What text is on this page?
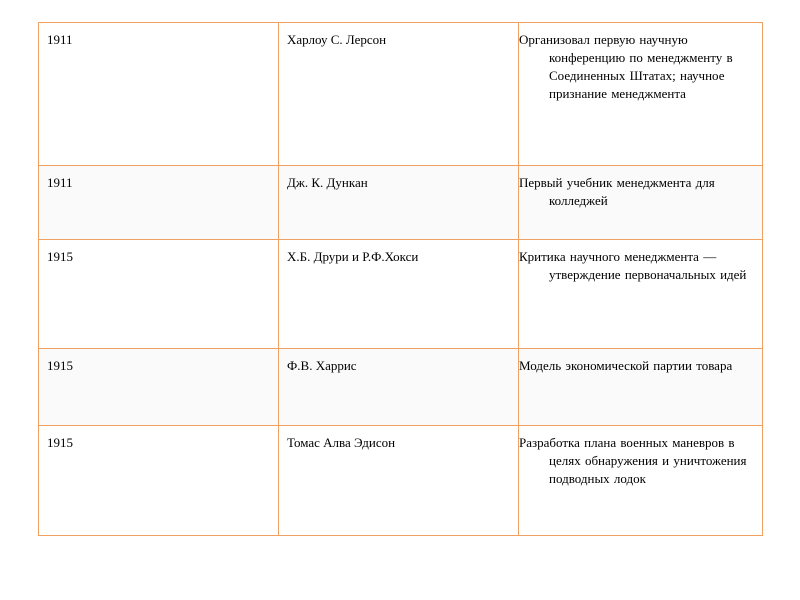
1911	Харлоу С. Лерсон	Организовал первую научную конференцию по менеджменту в Соединенных Штатах; научное признание менеджмента
1911	Дж. К. Дункан	Первый учебник менеджмента для колледжей
1915	Х.Б. Друри и Р.Ф.Хокси	Критика научного менеджмента — утверждение первоначальных идей
1915	Ф.В. Харрис	Модель экономической партии товара
1915	Томас Алва Эдисон	Разработка плана военных маневров в целях обнаружения и уничтожения подводных лодок
